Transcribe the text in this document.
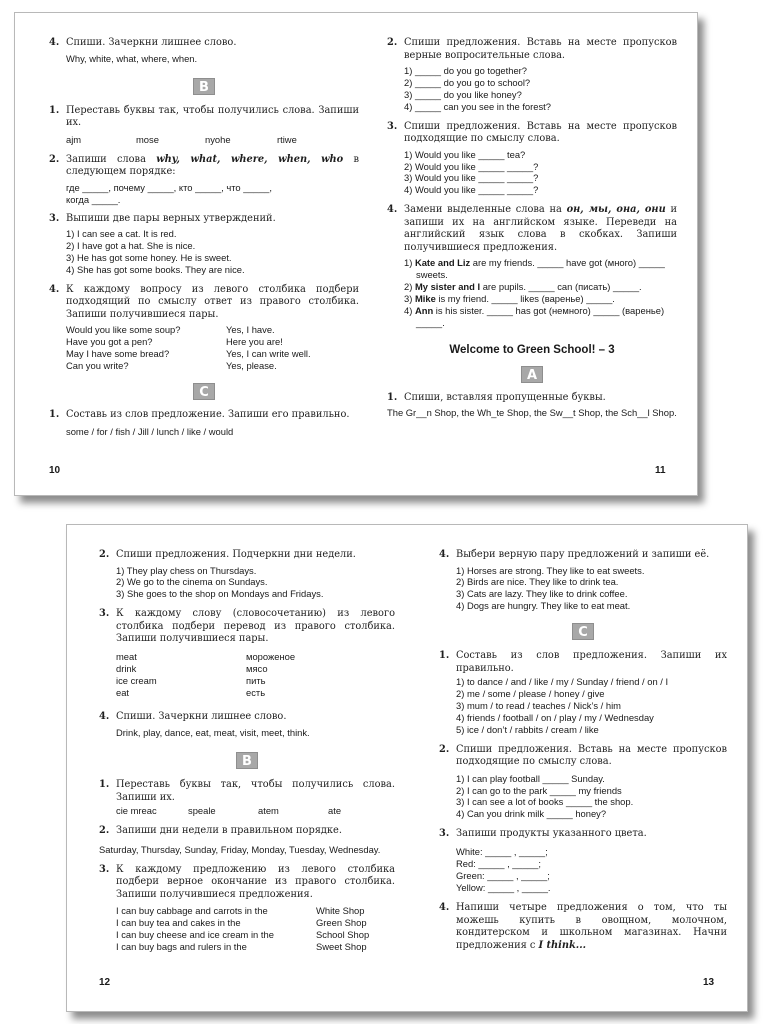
4. Спиши. Зачеркни лишнее слово.
Why, white, what, where, when.
B
1. Переставь буквы так, чтобы получились слова. Запиши их.
ajm	mose	nyohe	rtiwe
2. Запиши слова why, what, where, when, who в следующем порядке:
где _____, почему _____, кто _____, что _____,
когда _____.
3. Выпиши две пары верных утверждений.
1) I can see a cat. It is red.
2) I have got a hat. She is nice.
3) He has got some honey. He is sweet.
4) She has got some books. They are nice.
4. К каждому вопросу из левого столбика подбери подходящий по смыслу ответ из правого столбика. Запиши получившиеся пары.
Would you like some soup?	Yes, I have.
Have you got a pen?	Here you are!
May I have some bread?	Yes, I can write well.
Can you write?	Yes, please.
C
1. Составь из слов предложение. Запиши его правильно.
some / for / fish / Jill / lunch / like / would
10
2. Спиши предложения. Вставь на месте пропусков верные вопросительные слова.
1) _____ do you go together?
2) _____ do you go to school?
3) _____ do you like honey?
4) _____ can you see in the forest?
3. Спиши предложения. Вставь на месте пропусков подходящие по смыслу слова.
1) Would you like _____ tea?
2) Would you like _____ _____?
3) Would you like _____ _____?
4) Would you like _____ _____?
4. Замени выделенные слова на он, мы, она, они и запиши их на английском языке. Переведи на английский язык слова в скобках. Запиши получившиеся предложения.
1) Kate and Liz are my friends. _____ have got (много) _____ sweets.
2) My sister and I are pupils. _____ can (писать) _____.
3) Mike is my friend. _____ likes (варенье) _____.
4) Ann is his sister. _____ has got (немного) _____ (варенье) _____.
Welcome to Green School! – 3
A
1. Спиши, вставляя пропущенные буквы.
The Gr__n Shop, the Wh_te Shop, the Sw__t Shop, the Sch__l Shop.
11
2. Спиши предложения. Подчеркни дни недели.
1) They play chess on Thursdays.
2) We go to the cinema on Sundays.
3) She goes to the shop on Mondays and Fridays.
3. К каждому слову (словосочетанию) из левого столбика подбери перевод из правого столбика. Запиши получившиеся пары.
meat	мороженое
drink	мясо
ice cream	пить
eat	есть
4. Спиши. Зачеркни лишнее слово.
Drink, play, dance, eat, meat, visit, meet, think.
B
1. Переставь буквы так, чтобы получились слова. Запиши их.
cie mreac	speale	atem	ate
2. Запиши дни недели в правильном порядке.
Saturday, Thursday, Sunday, Friday, Monday, Tuesday, Wednesday.
3. К каждому предложению из левого столбика подбери верное окончание из правого столбика. Запиши получившиеся предложения.
I can buy cabbage and carrots in the	White Shop
I can buy tea and cakes in the	Green Shop
I can buy cheese and ice cream in the	School Shop
I can buy bags and rulers in the	Sweet Shop
12
4. Выбери верную пару предложений и запиши её.
1) Horses are strong. They like to eat sweets.
2) Birds are nice. They like to drink tea.
3) Cats are lazy. They like to drink coffee.
4) Dogs are hungry. They like to eat meat.
C
1. Составь из слов предложения. Запиши их правильно.
1) to dance / and / like / my / Sunday / friend / on / I
2) me / some / please / honey / give
3) mum / to read / teaches / Nick’s / him
4) friends / football / on / play / my / Wednesday
5) ice / don’t / rabbits / cream / like
2. Спиши предложения. Вставь на месте пропусков подходящие по смыслу слова.
1) I can play football _____ Sunday.
2) I can go to the park _____ my friends
3) I can see a lot of books _____ the shop.
4) Can you drink milk _____ honey?
3. Запиши продукты указанного цвета.
White: _____ , _____;
Red: _____ , _____;
Green: _____ , _____;
Yellow: _____ , _____.
4. Напиши четыре предложения о том, что ты можешь купить в овощном, молочном, кондитерском и школьном магазинах. Начни предложения с I think...
13
